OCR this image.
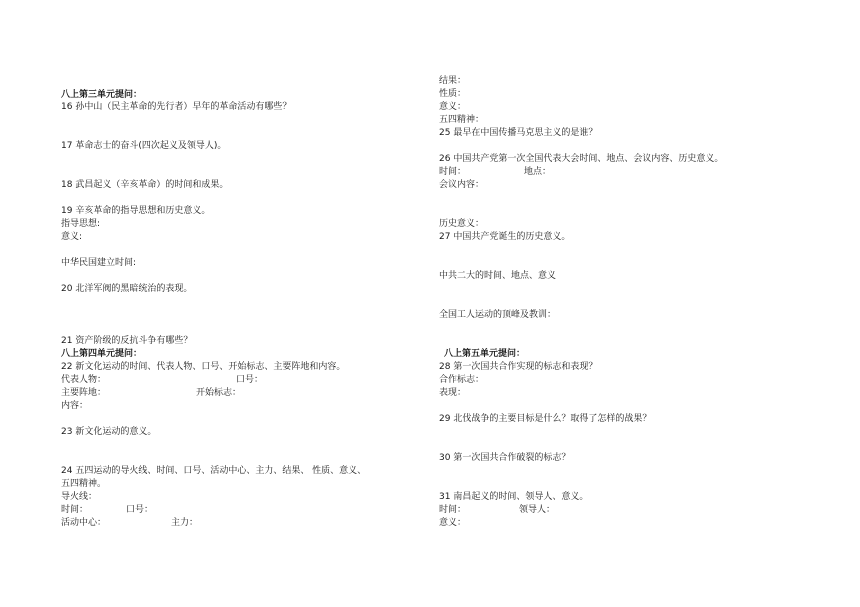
八上第三单元提问：
16 孙中山（民主革命的先行者）早年的革命活动有哪些？
17 革命志士的奋斗(四次起义及领导人)。
18 武昌起义（辛亥革命）的时间和成果。
19 辛亥革命的指导思想和历史意义。
指导思想:
意义:
中华民国建立时间:
20 北洋军阀的黑暗统治的表现。
21 资产阶级的反抗斗争有哪些？
八上第四单元提问：
22 新文化运动的时间、代表人物、口号、开始标志、主要阵地和内容。
代表人物：	口号：
主要阵地：	开始标志：
内容：
23 新文化运动的意义。
24 五四运动的导火线、时间、口号、活动中心、主力、结果、 性质、意义、
五四精神。
导火线：
时间：	口号：
活动中心：	主力：
结果：
性质：
意义：
五四精神：
25 最早在中国传播马克思主义的是谁？
26 中国共产党第一次全国代表大会时间、地点、会议内容、历史意义。
时间：	地点：
会议内容：
历史意义：
27 中国共产党诞生的历史意义。
中共二大的时间、地点、意义
全国工人运动的顶峰及教训：
八上第五单元提问：
28 第一次国共合作实现的标志和表现？
合作标志：
表现：
29 北伐战争的主要目标是什么？取得了怎样的战果？
30 第一次国共合作破裂的标志？
31 南昌起义的时间、领导人、意义。
时间：	领导人：
意义：
